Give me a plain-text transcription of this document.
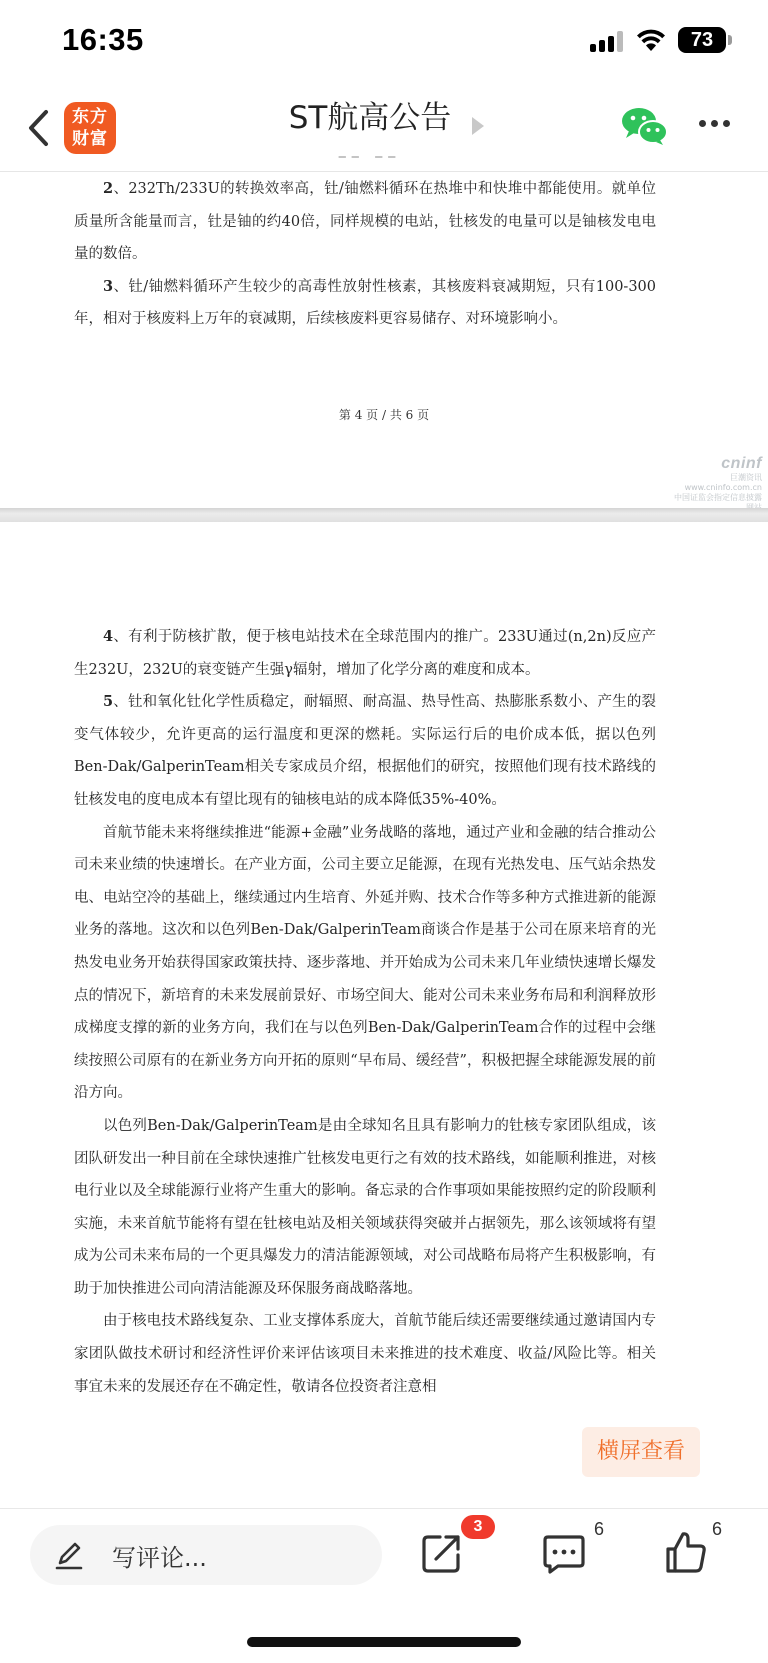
16:35	73
东方
财富
ST航高公告
__ __

2、232Th/233U的转换效率高，钍/铀燃料循环在热堆中和快堆中都能使用。就单位质量所含能量而言，钍是铀的约40倍，同样规模的电站，钍核发的电量可以是铀核发电电量的数倍。

3、钍/铀燃料循环产生较少的高毒性放射性核素，其核废料衰减期短，只有100-300年，相对于核废料上万年的衰减期，后续核废料更容易储存、对环境影响小。

第 4 页 / 共 6 页
cninf
巨潮资讯
www.cninfo.com.cn
中国证监会指定信息披露

4、有利于防核扩散，便于核电站技术在全球范围内的推广。233U通过(n,2n)反应产生232U，232U的衰变链产生强γ辐射，增加了化学分离的难度和成本。

5、钍和氧化钍化学性质稳定，耐辐照、耐高温、热导性高、热膨胀系数小、产生的裂变气体较少，允许更高的运行温度和更深的燃耗。实际运行后的电价成本低，据以色列Ben-Dak/GalperinTeam相关专家成员介绍，根据他们的研究，按照他们现有技术路线的钍核发电的度电成本有望比现有的铀核电站的成本降低35%-40%。

首航节能未来将继续推进“能源+金融”业务战略的落地，通过产业和金融的结合推动公司未来业绩的快速增长。在产业方面，公司主要立足能源，在现有光热发电、压气站余热发电、电站空冷的基础上，继续通过内生培育、外延并购、技术合作等多种方式推进新的能源业务的落地。这次和以色列Ben-Dak/GalperinTeam商谈合作是基于公司在原来培育的光热发电业务开始获得国家政策扶持、逐步落地、并开始成为公司未来几年业绩快速增长爆发点的情况下，新培育的未来发展前景好、市场空间大、能对公司未来业务布局和利润释放形成梯度支撑的新的业务方向，我们在与以色列Ben-Dak/GalperinTeam合作的过程中会继续按照公司原有的在新业务方向开拓的原则“早布局、缓经营”，积极把握全球能源发展的前沿方向。

以色列Ben-Dak/GalperinTeam是由全球知名且具有影响力的钍核专家团队组成，该团队研发出一种目前在全球快速推广钍核发电更行之有效的技术路线，如能顺利推进，对核电行业以及全球能源行业将产生重大的影响。备忘录的合作事项如果能按照约定的阶段顺利实施，未来首航节能将有望在钍核电站及相关领域获得突破并占据领先，那么该领域将有望成为公司未来布局的一个更具爆发力的清洁能源领域，对公司战略布局将产生积极影响，有助于加快推进公司向清洁能源及环保服务商战略落地。

由于核电技术路线复杂、工业支撑体系庞大，首航节能后续还需要继续通过邀请国内专家团队做技术研讨和经济性评价来评估该项目未来推进的技术难度、收益/风险比等。相关事宜未来的发展还存在不确定性，敬请各位投资者注意相

横屏查看
写评论...
3	6	6
